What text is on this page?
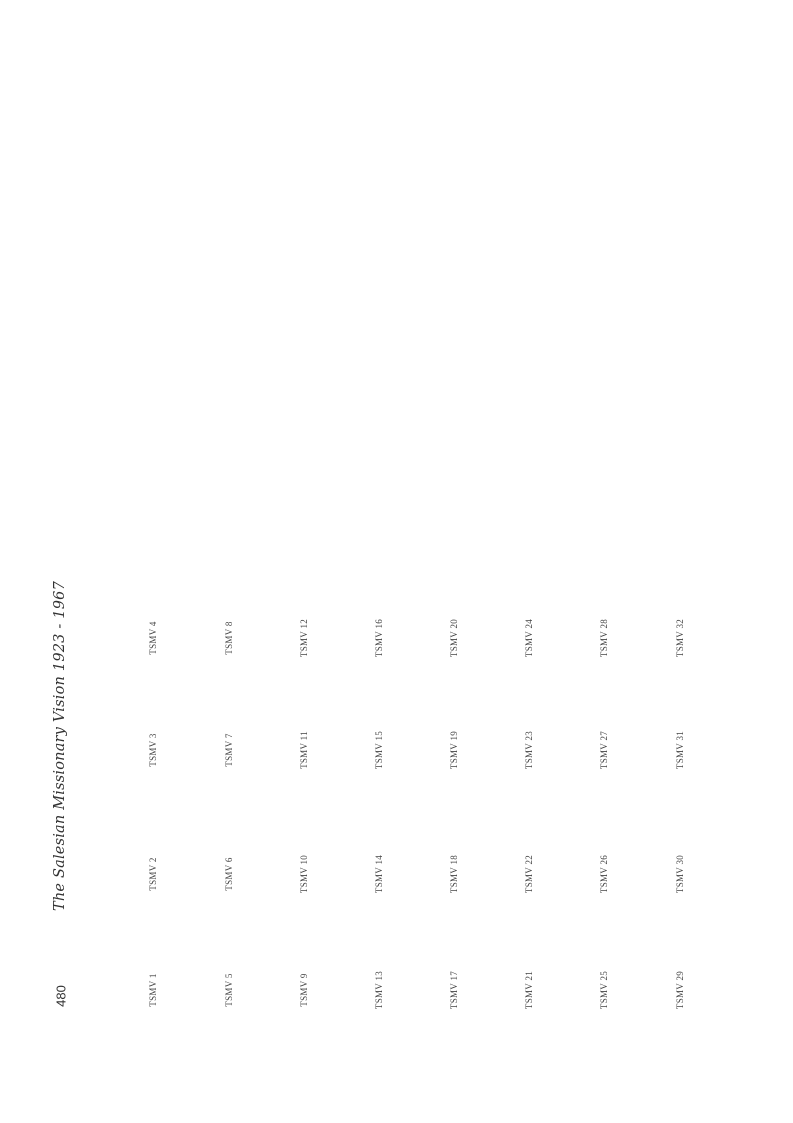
480
The Salesian Missionary Vision 1923 - 1967
TSMV 1
TSMV 2
TSMV 3
TSMV 4
TSMV 5
TSMV 6
TSMV 7
TSMV 8
TSMV 9
TSMV 10
TSMV 11
TSMV 12
TSMV 13
TSMV 14
TSMV 15
TSMV 16
TSMV 17
TSMV 18
TSMV 19
TSMV 20
TSMV 21
TSMV 22
TSMV 23
TSMV 24
TSMV 25
TSMV 26
TSMV 27
TSMV 28
TSMV 29
TSMV 30
TSMV 31
TSMV 32
